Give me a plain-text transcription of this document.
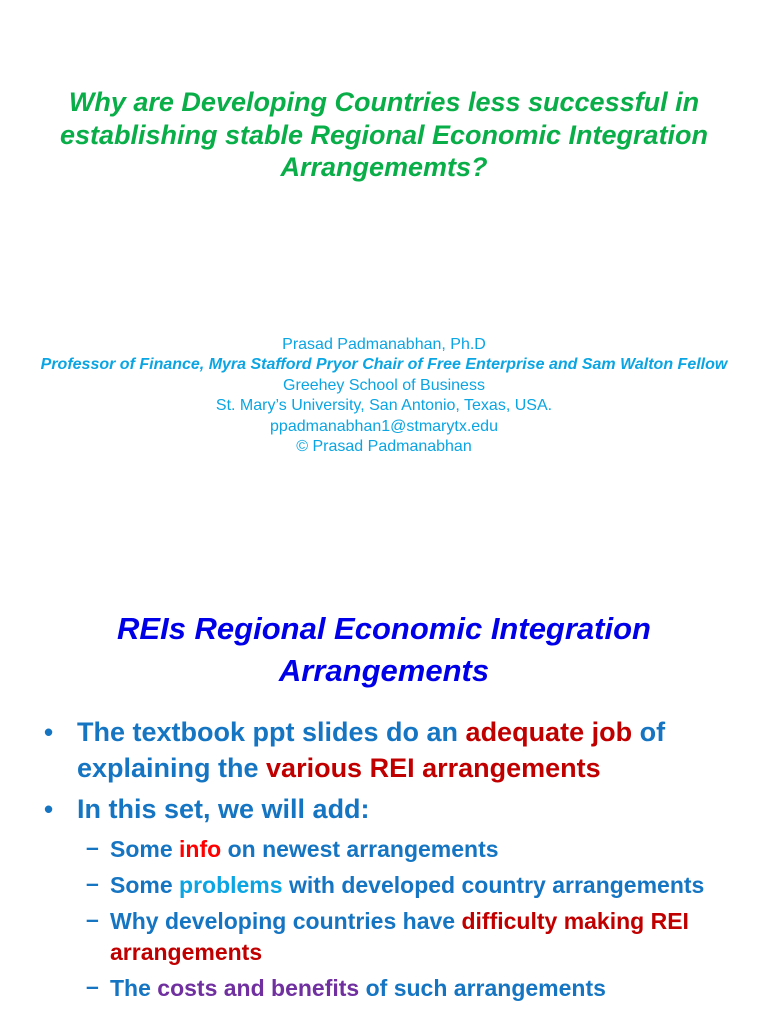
Why are Developing Countries less successful in establishing stable Regional Economic Integration Arrangememts?
Prasad Padmanabhan, Ph.D
Professor of Finance, Myra Stafford Pryor Chair of Free Enterprise and Sam Walton Fellow
Greehey School of Business
St. Mary’s University, San Antonio, Texas, USA.
ppadmanabhan1@stmarytx.edu
© Prasad Padmanabhan
REIs Regional Economic Integration Arrangements
• The textbook ppt slides do an adequate job of explaining the various REI arrangements
• In this set, we will add:
– Some info on newest arrangements
– Some problems with developed country arrangements
– Why developing countries have difficulty making REI arrangements
– The costs and benefits of such arrangements
